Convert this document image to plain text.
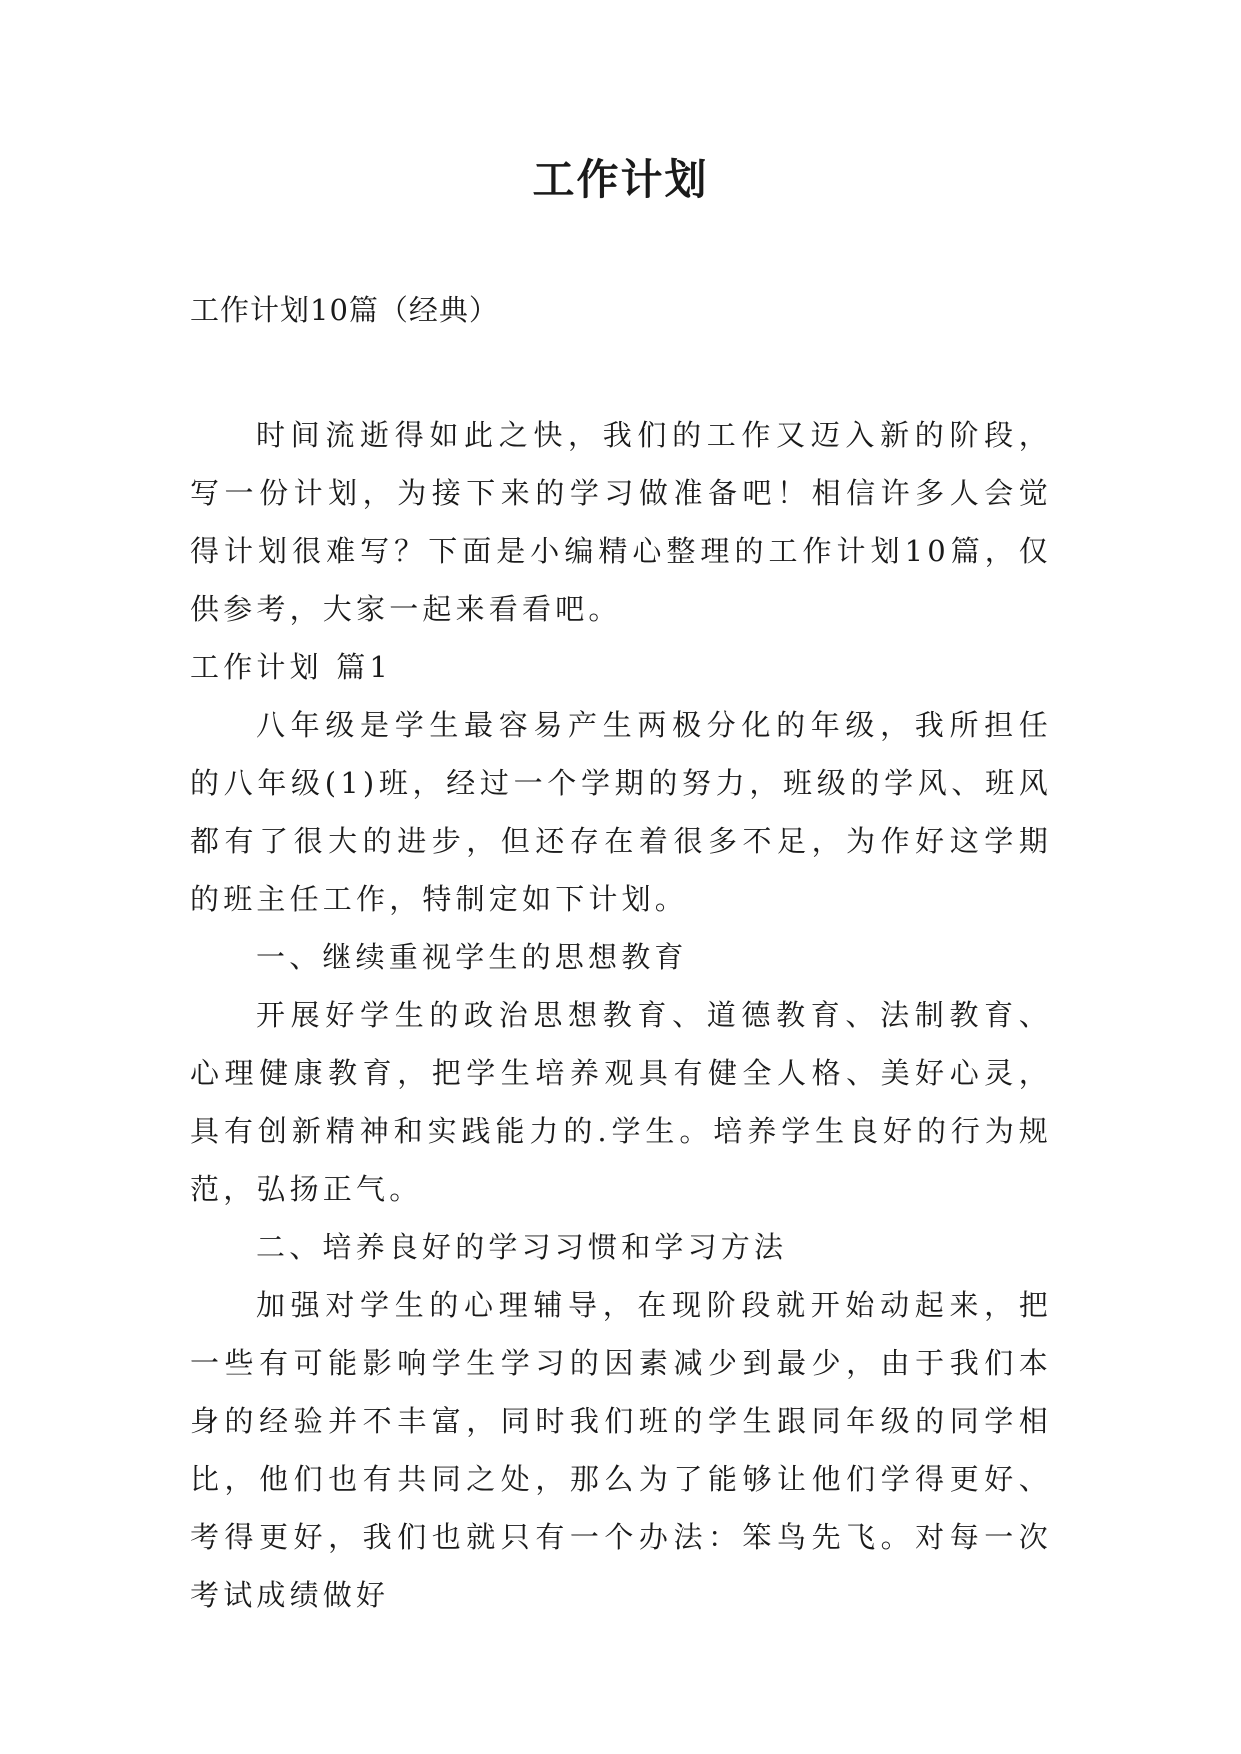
工作计划

工作计划10篇（经典）

时间流逝得如此之快，我们的工作又迈入新的阶段，写一份计划，为接下来的学习做准备吧！相信许多人会觉得计划很难写？下面是小编精心整理的工作计划10篇，仅供参考，大家一起来看看吧。

工作计划 篇1

八年级是学生最容易产生两极分化的年级，我所担任的八年级(1)班，经过一个学期的努力，班级的学风、班风都有了很大的进步，但还存在着很多不足，为作好这学期的班主任工作，特制定如下计划。

一、继续重视学生的思想教育

开展好学生的政治思想教育、道德教育、法制教育、心理健康教育，把学生培养观具有健全人格、美好心灵，具有创新精神和实践能力的.学生。培养学生良好的行为规范，弘扬正气。

二、培养良好的学习习惯和学习方法

加强对学生的心理辅导，在现阶段就开始动起来，把一些有可能影响学生学习的因素减少到最少，由于我们本身的经验并不丰富，同时我们班的学生跟同年级的同学相比，他们也有共同之处，那么为了能够让他们学得更好、考得更好，我们也就只有一个办法：笨鸟先飞。对每一次考试成绩做好
